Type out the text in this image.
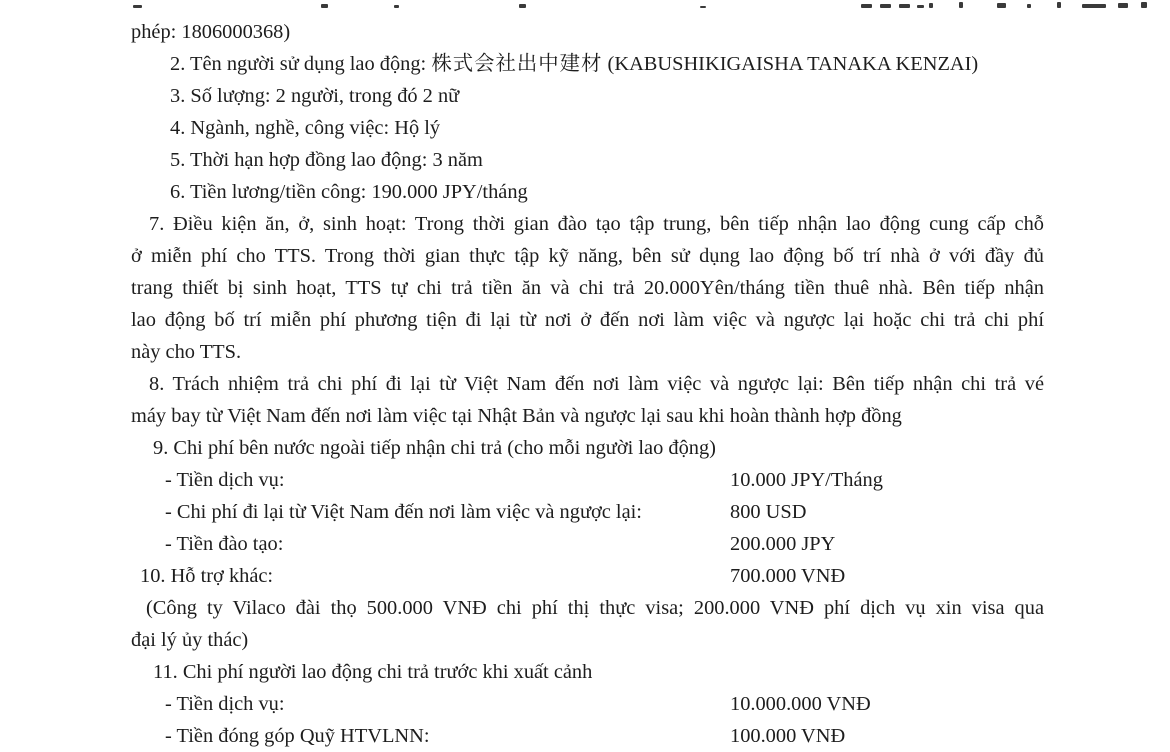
phép: 1806000368)
2. Tên người sử dụng lao động: 株式会社出中建材 (KABUSHIKIGAISHA TANAKA KENZAI)
3. Số lượng: 2 người, trong đó 2 nữ
4. Ngành, nghề, công việc: Hộ lý
5. Thời hạn hợp đồng lao động: 3 năm
6. Tiền lương/tiền công: 190.000 JPY/tháng
7. Điều kiện ăn, ở, sinh hoạt: Trong thời gian đào tạo tập trung, bên tiếp nhận lao động cung cấp chỗ
ở miễn phí cho TTS. Trong thời gian thực tập kỹ năng, bên sử dụng lao động bố trí nhà ở với đầy đủ
trang thiết bị sinh hoạt, TTS tự chi trả tiền ăn và chi trả 20.000Yên/tháng tiền thuê nhà. Bên tiếp nhận
lao động bố trí miễn phí phương tiện đi lại từ nơi ở đến nơi làm việc và ngược lại hoặc chi trả chi phí
này cho TTS.
8. Trách nhiệm trả chi phí đi lại từ Việt Nam đến nơi làm việc và ngược lại: Bên tiếp nhận chi trả vé
máy bay từ Việt Nam đến nơi làm việc tại Nhật Bản và ngược lại sau khi hoàn thành hợp đồng
9. Chi phí bên nước ngoài tiếp nhận chi trả (cho mỗi người lao động)
- Tiền dịch vụ:	10.000 JPY/Tháng
- Chi phí đi lại từ Việt Nam đến nơi làm việc và ngược lại:	800 USD
- Tiền đào tạo:	200.000 JPY
10. Hỗ trợ khác:	700.000 VNĐ
(Công ty Vilaco đài thọ 500.000 VNĐ chi phí thị thực visa; 200.000 VNĐ phí dịch vụ xin visa qua
đại lý ủy thác)
11. Chi phí người lao động chi trả trước khi xuất cảnh
- Tiền dịch vụ:	10.000.000 VNĐ
- Tiền đóng góp Quỹ HTVLNN:	100.000 VNĐ
